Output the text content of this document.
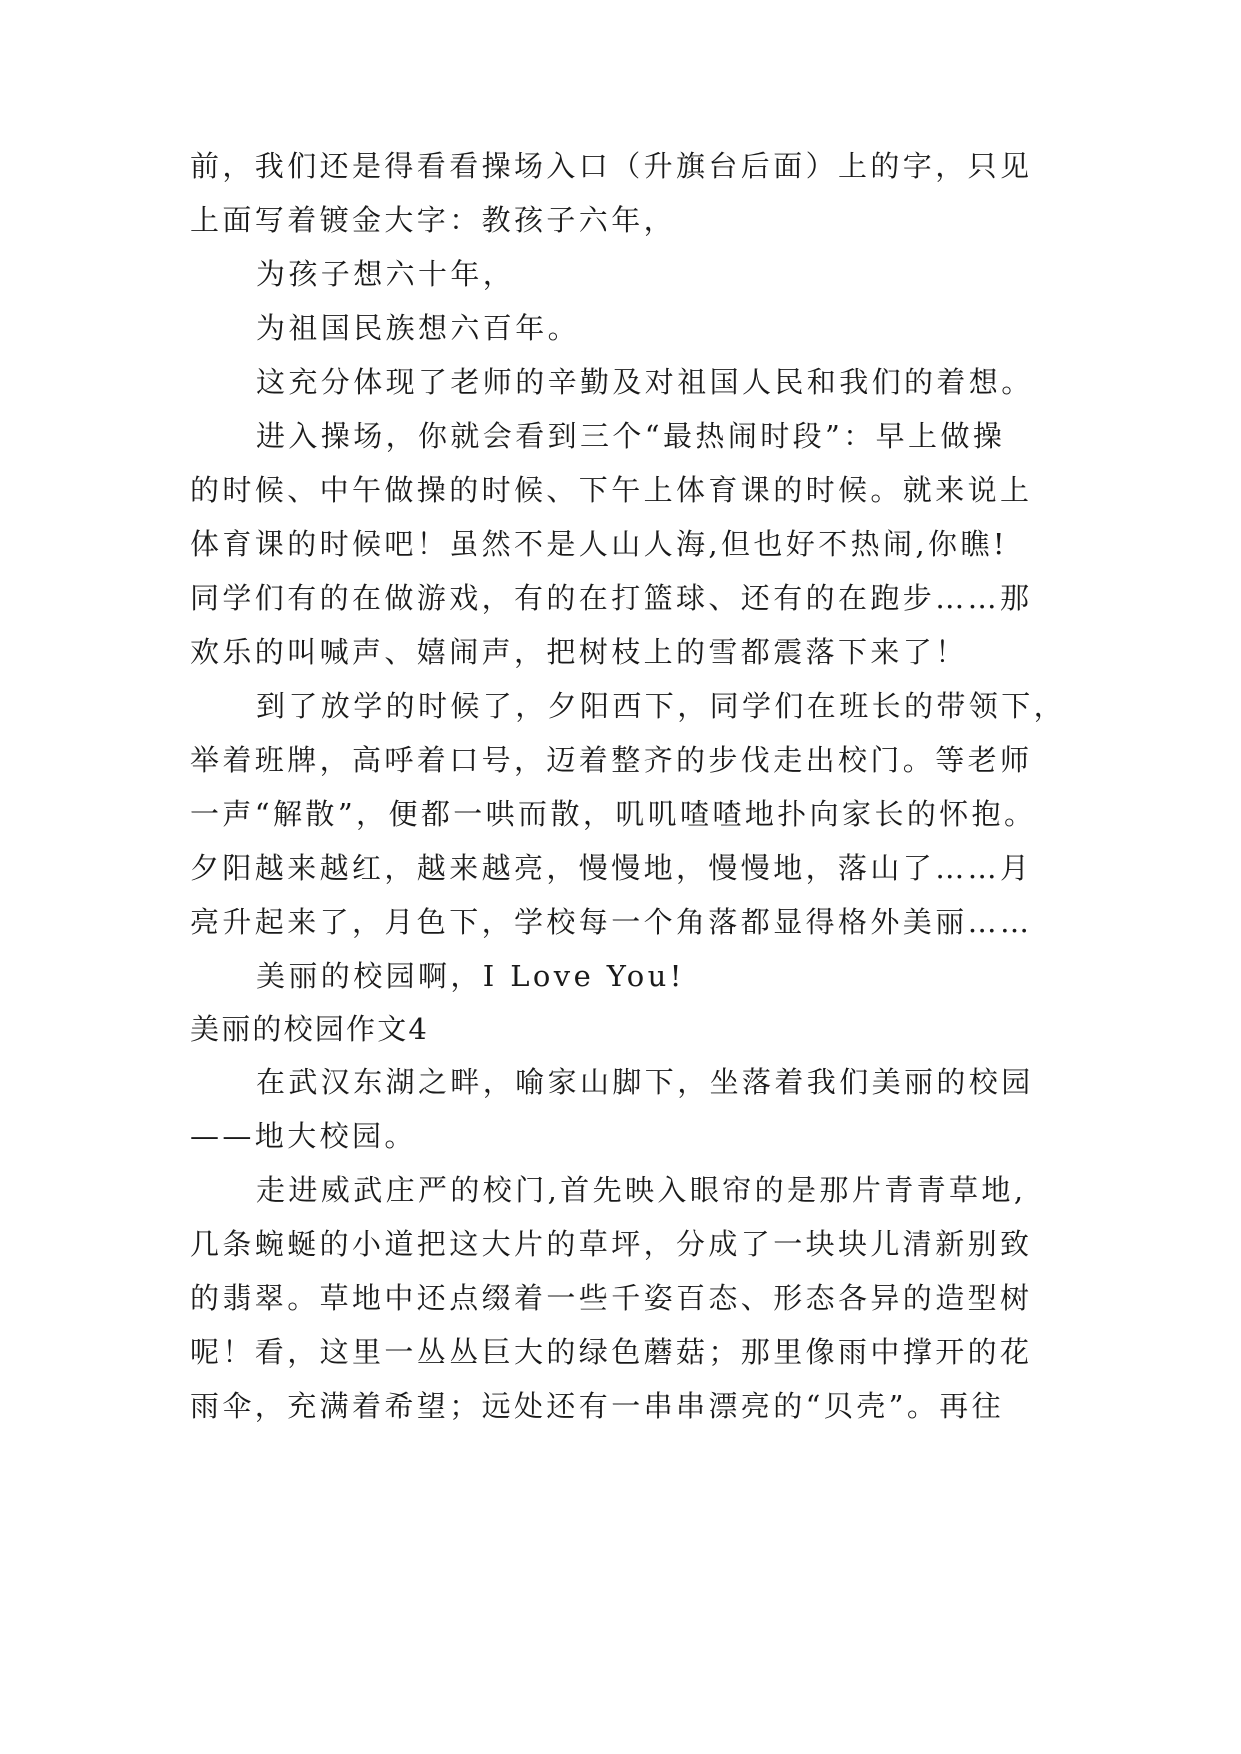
前，我们还是得看看操场入口（升旗台后面）上的字，只见
上面写着镀金大字：教孩子六年，
为孩子想六十年，
为祖国民族想六百年。
这充分体现了老师的辛勤及对祖国人民和我们的着想。
进入操场，你就会看到三个“最热闹时段”：早上做操
的时候、中午做操的时候、下午上体育课的时候。就来说上
体育课的时候吧！虽然不是人山人海,但也好不热闹,你瞧!
同学们有的在做游戏，有的在打篮球、还有的在跑步……那
欢乐的叫喊声、嬉闹声，把树枝上的雪都震落下来了！
到了放学的时候了，夕阳西下，同学们在班长的带领下，
举着班牌，高呼着口号，迈着整齐的步伐走出校门。等老师
一声“解散”，便都一哄而散，叽叽喳喳地扑向家长的怀抱。
夕阳越来越红，越来越亮，慢慢地，慢慢地，落山了……月
亮升起来了，月色下，学校每一个角落都显得格外美丽……
美丽的校园啊，I Love You!
美丽的校园作文4
在武汉东湖之畔，喻家山脚下，坐落着我们美丽的校园
——地大校园。
走进威武庄严的校门,首先映入眼帘的是那片青青草地,
几条蜿蜒的小道把这大片的草坪，分成了一块块儿清新别致
的翡翠。草地中还点缀着一些千姿百态、形态各异的造型树
呢！看，这里一丛丛巨大的绿色蘑菇；那里像雨中撑开的花
雨伞，充满着希望；远处还有一串串漂亮的“贝壳”。再往
